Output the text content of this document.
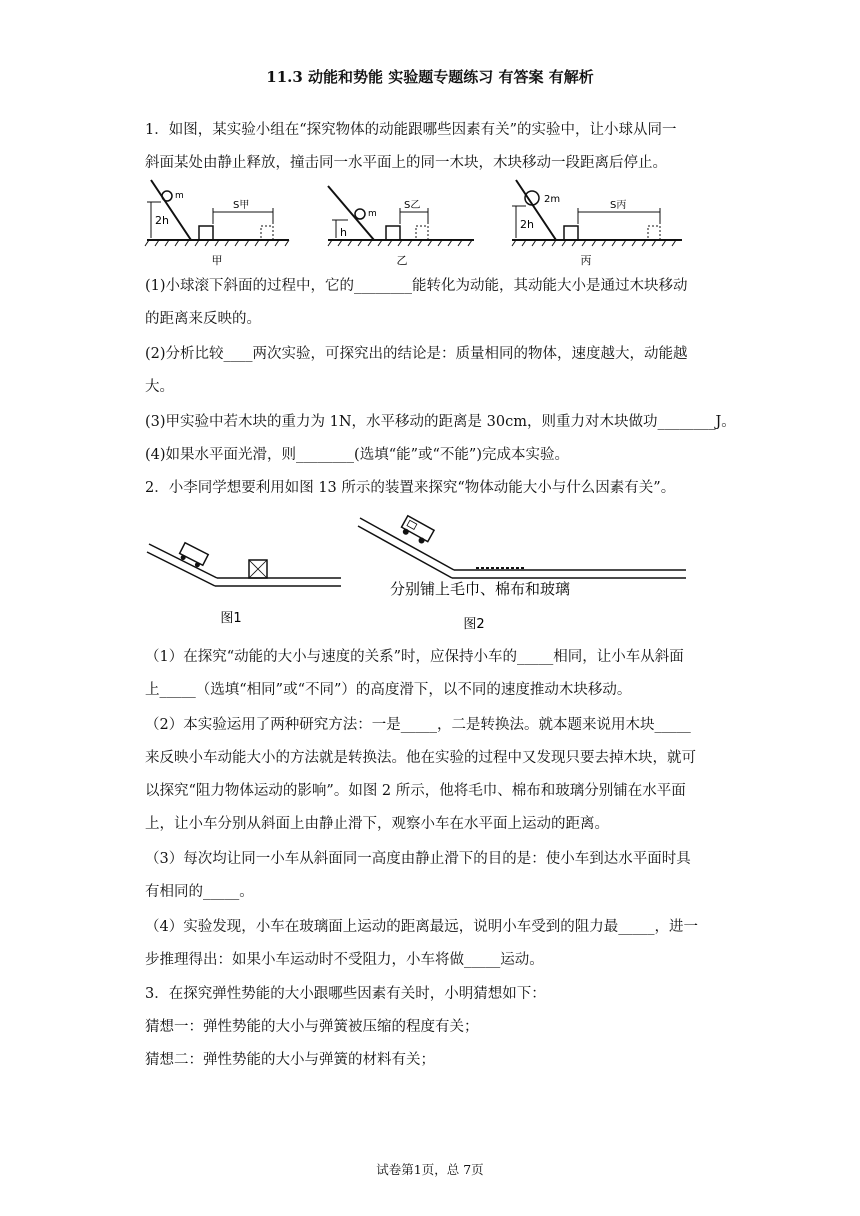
11.3 动能和势能 实验题专题练习 有答案 有解析

1．如图，某实验小组在“探究物体的动能跟哪些因素有关”的实验中，让小球从同一

斜面某处由静止释放，撞击同一水平面上的同一木块，木块移动一段距离后停止。

m
2h
S甲
甲
m
h
S乙
乙
2m
2h
S丙
丙

(1)小球滚下斜面的过程中，它的________能转化为动能，其动能大小是通过木块移动

的距离来反映的。

(2)分析比较____两次实验，可探究出的结论是：质量相同的物体，速度越大，动能越

大。

(3)甲实验中若木块的重力为 1N，水平移动的距离是 30cm，则重力对木块做功________J。

(4)如果水平面光滑，则________(选填“能”或“不能”)完成本实验。

2．小李同学想要利用如图 13 所示的装置来探究“物体动能大小与什么因素有关”。

图1
分别铺上毛巾、棉布和玻璃
图2

（1）在探究“动能的大小与速度的关系”时，应保持小车的_____相同，让小车从斜面

上_____（选填“相同”或“不同”）的高度滑下，以不同的速度推动木块移动。

（2）本实验运用了两种研究方法：一是_____，二是转换法。就本题来说用木块_____

来反映小车动能大小的方法就是转换法。他在实验的过程中又发现只要去掉木块，就可

以探究“阻力物体运动的影响”。如图 2 所示，他将毛巾、棉布和玻璃分别铺在水平面

上，让小车分别从斜面上由静止滑下，观察小车在水平面上运动的距离。

（3）每次均让同一小车从斜面同一高度由静止滑下的目的是：使小车到达水平面时具

有相同的_____。

（4）实验发现，小车在玻璃面上运动的距离最远，说明小车受到的阻力最_____，进一

步推理得出：如果小车运动时不受阻力，小车将做_____运动。

3．在探究弹性势能的大小跟哪些因素有关时，小明猜想如下：

猜想一：弹性势能的大小与弹簧被压缩的程度有关；

猜想二：弹性势能的大小与弹簧的材料有关；

试卷第1页，总 7页
